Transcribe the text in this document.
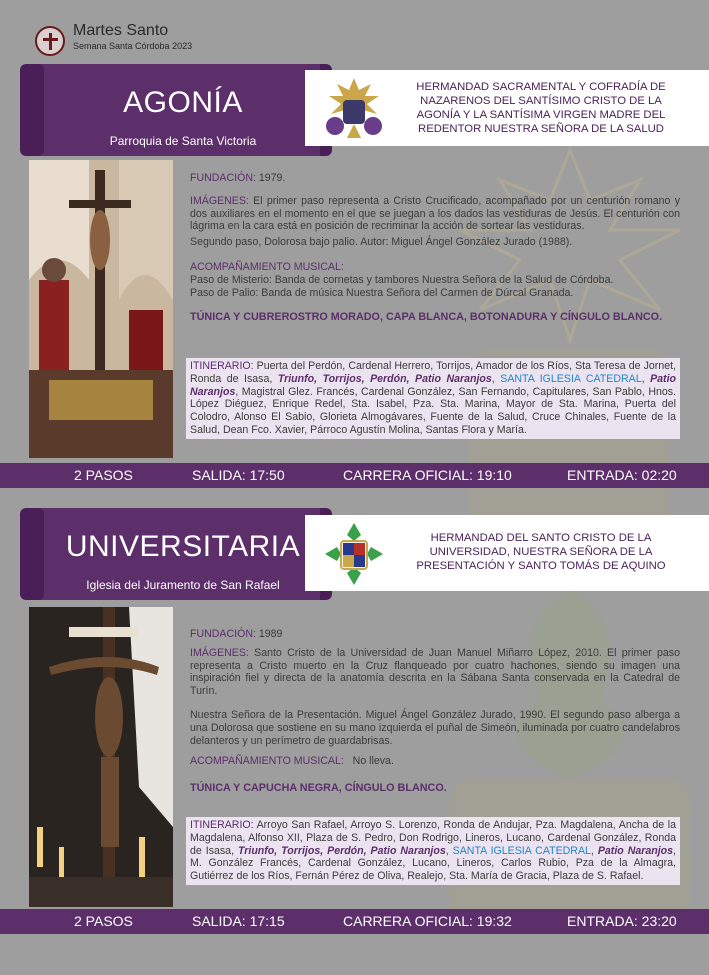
Martes Santo
Semana Santa Córdoba 2023
AGONÍA
Parroquia de Santa Victoria
HERMANDAD SACRAMENTAL Y COFRADÍA DE NAZARENOS DEL SANTÍSIMO CRISTO DE LA AGONÍA Y LA SANTÍSIMA VIRGEN MADRE DEL REDENTOR NUESTRA SEÑORA DE LA SALUD

FUNDACIÓN: 1979.

IMÁGENES: El primer paso representa a Cristo Crucificado, acompañado por un centurión romano y dos auxiliares en el momento en el que se juegan a los dados las vestiduras de Jesús. El centurión con lágrima en la cara está en posición de recriminar la acción de sortear las vestiduras.

Segundo paso, Dolorosa bajo palio. Autor: Miguel Ángel González Jurado (1988).

ACOMPAÑAMIENTO MUSICAL:

Paso de Misterio: Banda de cornetas y tambores Nuestra Señora de la Salud de Córdoba.

Paso de Palio: Banda de música Nuestra Señora del Carmen de Dúrcal Granada.

TÚNICA Y CUBREROSTRO MORADO, CAPA BLANCA, BOTONADURA Y CÍNGULO BLANCO.

ITINERARIO: Puerta del Perdón, Cardenal Herrero, Torrijos, Amador de los Ríos, Sta Teresa de Jornet, Ronda de Isasa, Triunfo, Torrijos, Perdón, Patio Naranjos, SANTA IGLESIA CATEDRAL, Patio Naranjos, Magistral Glez. Francés, Cardenal González, San Fernando, Capitulares, San Pablo, Hnos. López Diéguez, Enrique Redel, Sta. Isabel, Pza. Sta. Marina, Mayor de Sta. Marina, Puerta del Colodro, Alonso El Sabio, Glorieta Almogávares, Fuente de la Salud, Cruce Chinales, Fuente de la Salud, Dean Fco. Xavier, Párroco Agustín Molina, Santas Flora y María.
2 PASOS	SALIDA: 17:50	CARRERA OFICIAL: 19:10	ENTRADA: 02:20
UNIVERSITARIA
Iglesia del Juramento de San Rafael
HERMANDAD DEL SANTO CRISTO DE LA UNIVERSIDAD, NUESTRA SEÑORA DE LA PRESENTACIÓN Y SANTO TOMÁS DE AQUINO

FUNDACIÓN: 1989

IMÁGENES: Santo Cristo de la Universidad de Juan Manuel Miñarro López, 2010. El primer paso representa a Cristo muerto en la Cruz flanqueado por cuatro hachones, siendo su imagen una inspiración fiel y directa de la anatomía descrita en la Sábana Santa conservada en la Catedral de Turín.

Nuestra Señora de la Presentación. Miguel Ángel González Jurado, 1990. El segundo paso alberga a una Dolorosa que sostiene en su mano izquierda el puñal de Simeón, iluminada por cuatro candelabros delanteros y un perímetro de guardabrisas.

ACOMPAÑAMIENTO MUSICAL: No lleva.

TÚNICA Y CAPUCHA NEGRA, CÍNGULO BLANCO.

ITINERARIO: Arroyo San Rafael, Arroyo S. Lorenzo, Ronda de Andujar, Pza. Magdalena, Ancha de la Magdalena, Alfonso XII, Plaza de S. Pedro, Don Rodrigo, Lineros, Lucano, Cardenal González, Ronda de Isasa, Triunfo, Torrijos, Perdón, Patio Naranjos, SANTA IGLESIA CATEDRAL, Patio Naranjos, M. González Francés, Cardenal González, Lucano, Lineros, Carlos Rubio, Pza de la Almagra, Gutiérrez de los Ríos, Fernán Pérez de Oliva, Realejo, Sta. María de Gracia, Plaza de S. Rafael.
2 PASOS	SALIDA: 17:15	CARRERA OFICIAL: 19:32	ENTRADA: 23:20
